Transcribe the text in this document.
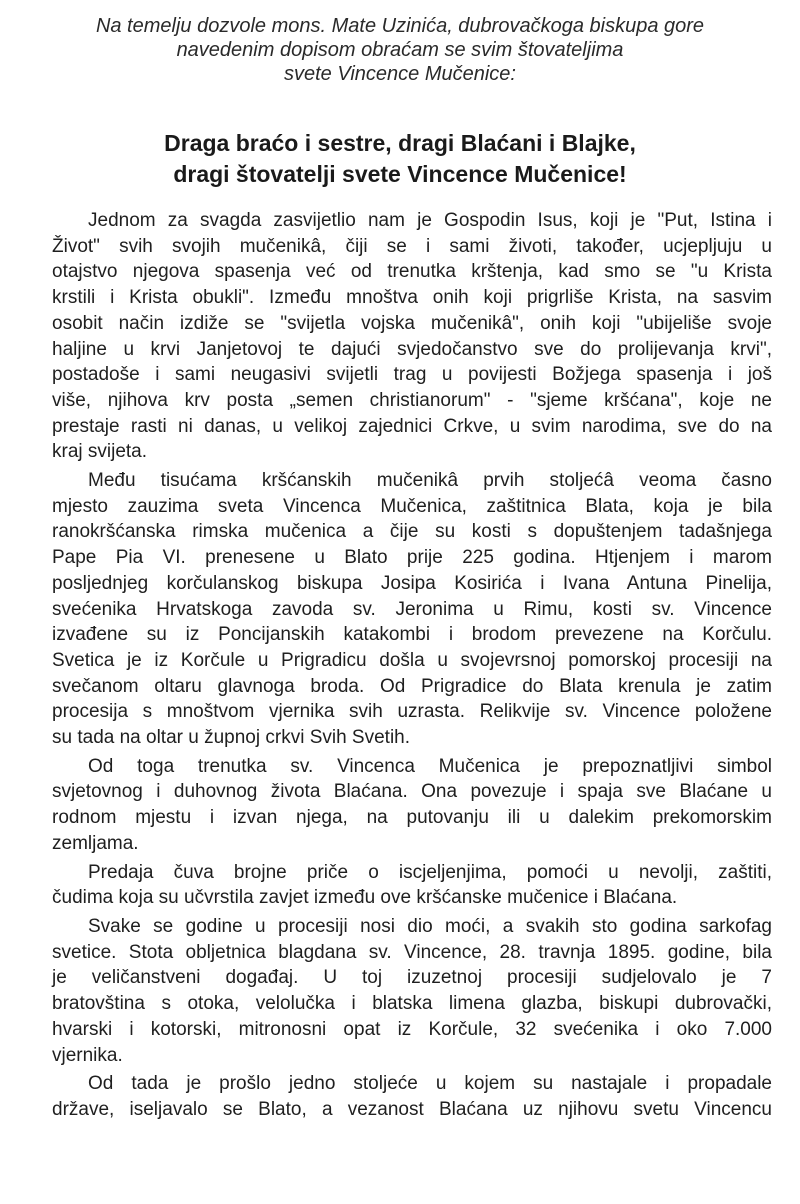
Na temelju dozvole mons. Mate Uzinića, dubrovačkoga biskupa gore
navedenim dopisom obraćam se svim štovateljima
svete Vincence Mučenice:
Draga braćo i sestre, dragi Blaćani i Blajke,
dragi štovatelji svete Vincence Mučenice!
Jednom za svagda zasvijetlio nam je Gospodin Isus, koji je "Put, Istina i
Život" svih svojih mučenikâ, čiji se i sami životi, također, ucjepljuju u
otajstvo njegova spasenja već od trenutka krštenja, kad smo se "u Krista
krstili i Krista obukli". Između mnoštva onih koji prigrliše Krista, na sasvim
osobit način izdiže se "svijetla vojska mučenikâ", onih koji "ubijeliše svoje
haljine u krvi Janjetovoj te dajući svjedočanstvo sve do prolijevanja krvi",
postadoše i sami neugasivi svijetli trag u povijesti Božjega spasenja i još
više, njihova krv posta „semen christianorum" - "sjeme kršćana", koje ne
prestaje rasti ni danas, u velikoj zajednici Crkve, u svim narodima, sve do na
kraj svijeta.
Među tisućama kršćanskih mučenikâ prvih stoljećâ veoma časno
mjesto zauzima sveta Vincenca Mučenica, zaštitnica Blata, koja je bila
ranokršćanska rimska mučenica a čije su kosti s dopuštenjem tadašnjega
Pape Pia VI. prenesene u Blato prije 225 godina. Htjenjem i marom
posljednjeg korčulanskog biskupa Josipa Kosirića i Ivana Antuna Pinelija,
svećenika Hrvatskoga zavoda sv. Jeronima u Rimu, kosti sv. Vincence
izvađene su iz Poncijanskih katakombi i brodom prevezene na Korčulu.
Svetica je iz Korčule u Prigradicu došla u svojevrsnoj pomorskoj procesiji na
svečanom oltaru glavnoga broda. Od Prigradice do Blata krenula je zatim
procesija s mnoštvom vjernika svih uzrasta. Relikvije sv. Vincence položene
su tada na oltar u župnoj crkvi Svih Svetih.
Od toga trenutka sv. Vincenca Mučenica je prepoznatljivi simbol
svjetovnog i duhovnog života Blaćana. Ona povezuje i spaja sve Blaćane u
rodnom mjestu i izvan njega, na putovanju ili u dalekim prekomorskim
zemljama.
Predaja čuva brojne priče o iscjeljenjima, pomoći u nevolji, zaštiti,
čudima koja su učvrstila zavjet između ove kršćanske mučenice i Blaćana.
Svake se godine u procesiji nosi dio moći, a svakih sto godina sarkofag
svetice. Stota obljetnica blagdana sv. Vincence, 28. travnja 1895. godine, bila
je veličanstveni događaj. U toj izuzetnoj procesiji sudjelovalo je 7
bratovština s otoka, velolučka i blatska limena glazba, biskupi dubrovački,
hvarski i kotorski, mitronosni opat iz Korčule, 32 svećenika i oko 7.000
vjernika.
Od tada je prošlo jedno stoljeće u kojem su nastajale i propadale
države, iseljavalo se Blato, a vezanost Blaćana uz njihovu svetu Vincencu
